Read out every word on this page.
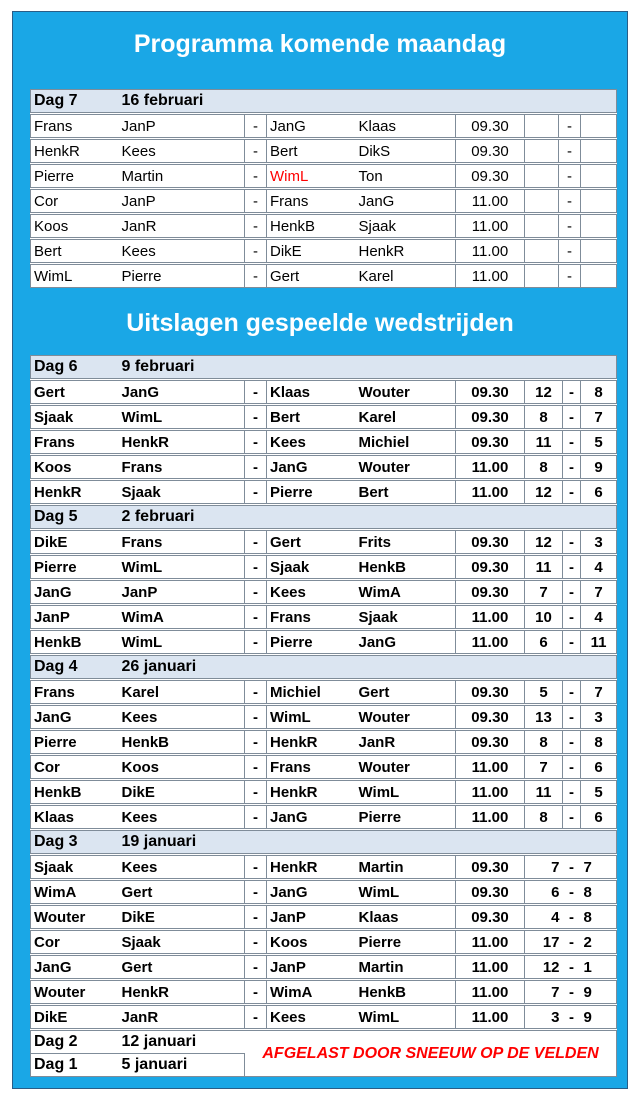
Programma komende maandag
Dag 7	16 februari							

Frans	JanP	-	JanG	Klaas	09.30		-	

HenkR	Kees	-	Bert	DikS	09.30		-	

Pierre	Martin	-	WimL	Ton	09.30		-	

Cor	JanP	-	Frans	JanG	11.00		-	

Koos	JanR	-	HenkB	Sjaak	11.00		-	

Bert	Kees	-	DikE	HenkR	11.00		-	

WimL	Pierre	-	Gert	Karel	11.00		-	
Uitslagen gespeelde wedstrijden
Dag 6	9 februari							

Gert	JanG	-	Klaas	Wouter	09.30	12	-	8

Sjaak	WimL	-	Bert	Karel	09.30	8	-	7

Frans	HenkR	-	Kees	Michiel	09.30	11	-	5

Koos	Frans	-	JanG	Wouter	11.00	8	-	9

HenkR	Sjaak	-	Pierre	Bert	11.00	12	-	6

Dag 5	2 februari							

DikE	Frans	-	Gert	Frits	09.30	12	-	3

Pierre	WimL	-	Sjaak	HenkB	09.30	11	-	4

JanG	JanP	-	Kees	WimA	09.30	7	-	7

JanP	WimA	-	Frans	Sjaak	11.00	10	-	4

HenkB	WimL	-	Pierre	JanG	11.00	6	-	11

Dag 4	26 januari							

Frans	Karel	-	Michiel	Gert	09.30	5	-	7

JanG	Kees	-	WimL	Wouter	09.30	13	-	3

Pierre	HenkB	-	HenkR	JanR	09.30	8	-	8

Cor	Koos	-	Frans	Wouter	11.00	7	-	6

HenkB	DikE	-	HenkR	WimL	11.00	11	-	5

Klaas	Kees	-	JanG	Pierre	11.00	8	-	6

Dag 3	19 januari							

Sjaak	Kees	-	HenkR	Martin	09.30	7	-	7

WimA	Gert	-	JanG	WimL	09.30	6	-	8

Wouter	DikE	-	JanP	Klaas	09.30	4	-	8

Cor	Sjaak	-	Koos	Pierre	11.00	17	-	2

JanG	Gert	-	JanP	Martin	11.00	12	-	1

Wouter	HenkR	-	WimA	HenkB	11.00	7	-	9

DikE	JanR	-	Kees	WimL	11.00	3	-	9

Dag 2	12 januari	AFGELAST DOOR SNEEUW OP DE VELDEN						
Dag 1	5 januari							
